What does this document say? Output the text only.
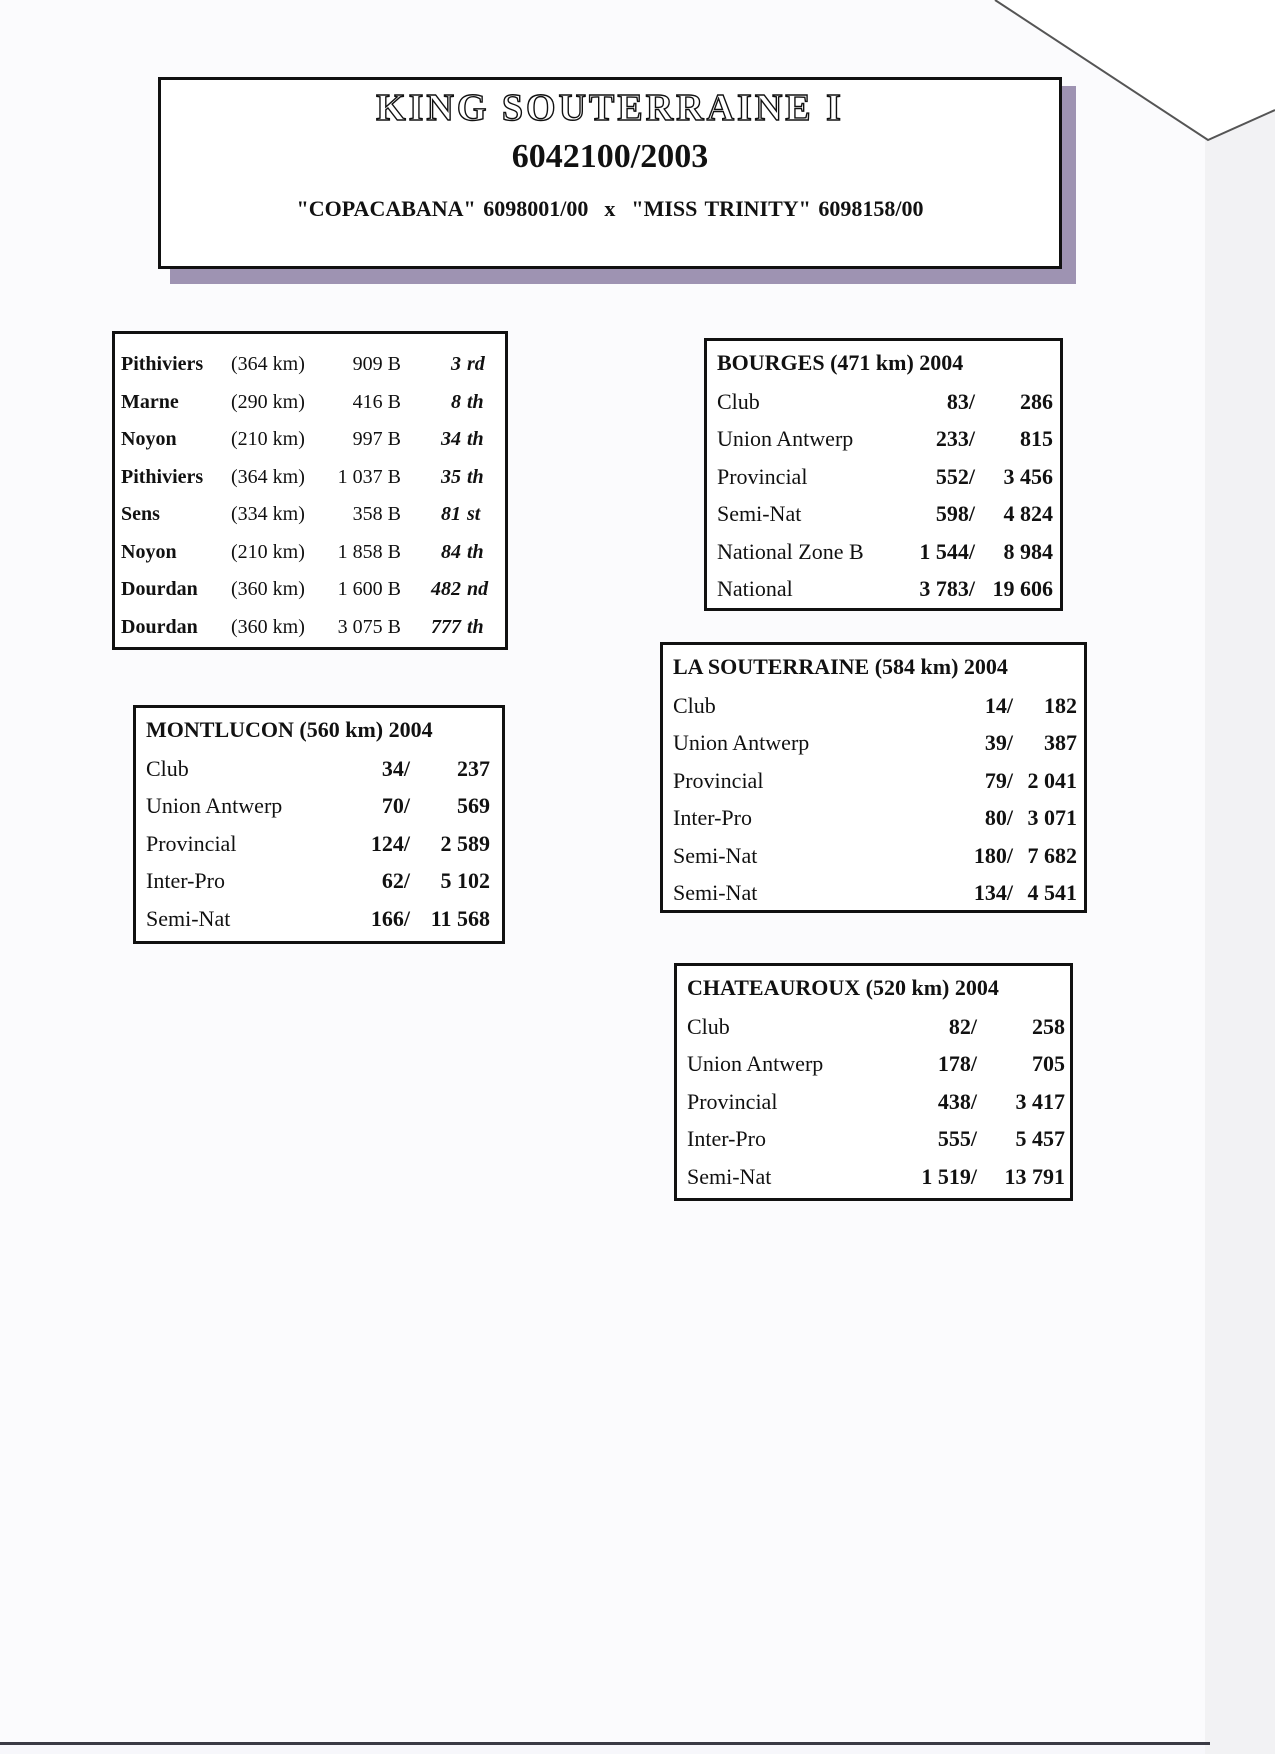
KING SOUTERRAINE I
6042100/2003
"COPACABANA" 6098001/00 x "MISS TRINITY" 6098158/00
Pithiviers	(364 km)	909 B	3 rd
Marne	(290 km)	416 B	8 th
Noyon	(210 km)	997 B	34 th
Pithiviers	(364 km)	1 037 B	35 th
Sens	(334 km)	358 B	81 st
Noyon	(210 km)	1 858 B	84 th
Dourdan	(360 km)	1 600 B	482 nd
Dourdan	(360 km)	3 075 B	777 th
BOURGES (471 km) 2004
Club	83/	286
Union Antwerp	233/	815
Provincial	552/	3 456
Semi-Nat	598/	4 824
National Zone B	1 544/	8 984
National	3 783/ 19 606
LA SOUTERRAINE (584 km) 2004
Club	14/	182
Union Antwerp	39/	387
Provincial	79/ 2 041
Inter-Pro	80/ 3 071
Semi-Nat	180/ 7 682
Semi-Nat	134/ 4 541
MONTLUCON (560 km) 2004
Club	34/	237
Union Antwerp	70/	569
Provincial	124/	2 589
Inter-Pro	62/	5 102
Semi-Nat	166/ 11 568
CHATEAUROUX (520 km) 2004
Club	82/	258
Union Antwerp	178/	705
Provincial	438/	3 417
Inter-Pro	555/	5 457
Semi-Nat	1 519/	13 791
